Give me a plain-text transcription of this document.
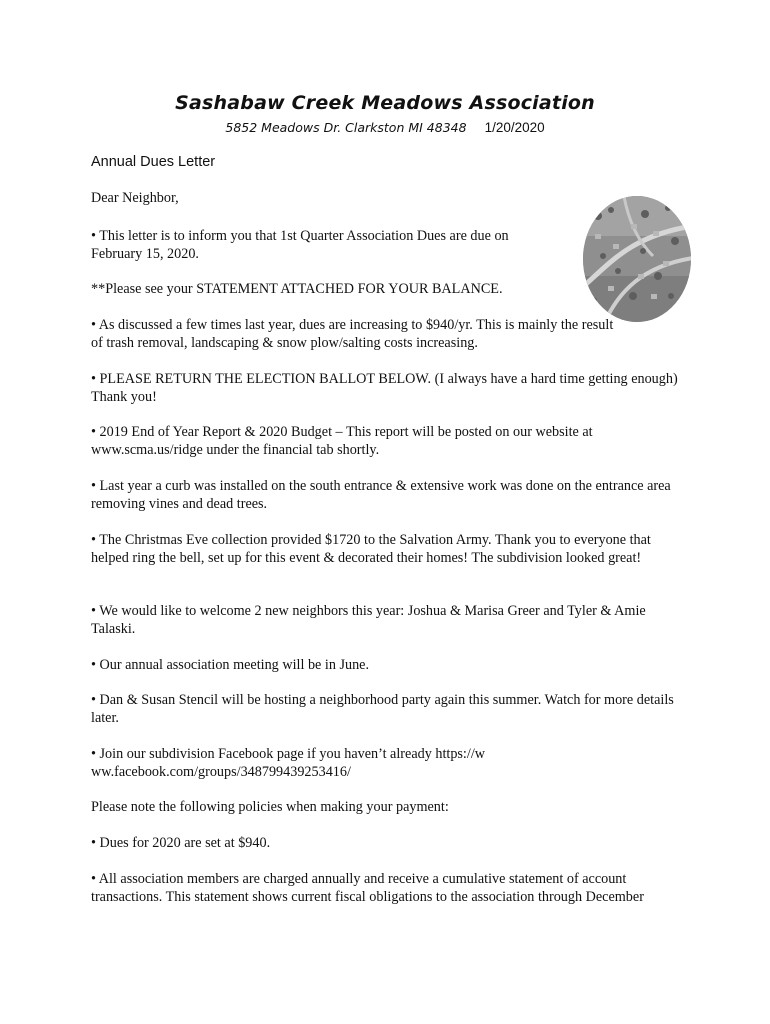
Sashabaw Creek Meadows Association
5852 Meadows Dr. Clarkston MI 48348 1/20/2020
Annual Dues Letter

Dear Neighbor,

• This letter is to inform you that 1st Quarter Association Dues are due on February 15, 2020.

**Please see your STATEMENT ATTACHED FOR YOUR BALANCE.

• As discussed a few times last year, dues are increasing to $940/yr. This is mainly the result of trash removal, landscaping & snow plow/salting costs increasing.

• PLEASE RETURN THE ELECTION BALLOT BELOW. (I always have a hard time getting enough) Thank you!

• 2019 End of Year Report & 2020 Budget – This report will be posted on our website at www.scma.us/ridge under the financial tab shortly.

• Last year a curb was installed on the south entrance & extensive work was done on the entrance area removing vines and dead trees.

• The Christmas Eve collection provided $1720 to the Salvation Army. Thank you to everyone that helped ring the bell, set up for this event & decorated their homes! The subdivision looked great!

• We would like to welcome 2 new neighbors this year: Joshua & Marisa Greer and Tyler & Amie Talaski.

• Our annual association meeting will be in June.

• Dan & Susan Stencil will be hosting a neighborhood party again this summer. Watch for more details later.

• Join our subdivision Facebook page if you haven’t already https://www.facebook.com/groups/348799439253416/

Please note the following policies when making your payment:

• Dues for 2020 are set at $940.

• All association members are charged annually and receive a cumulative statement of account transactions. This statement shows current fiscal obligations to the association through December
